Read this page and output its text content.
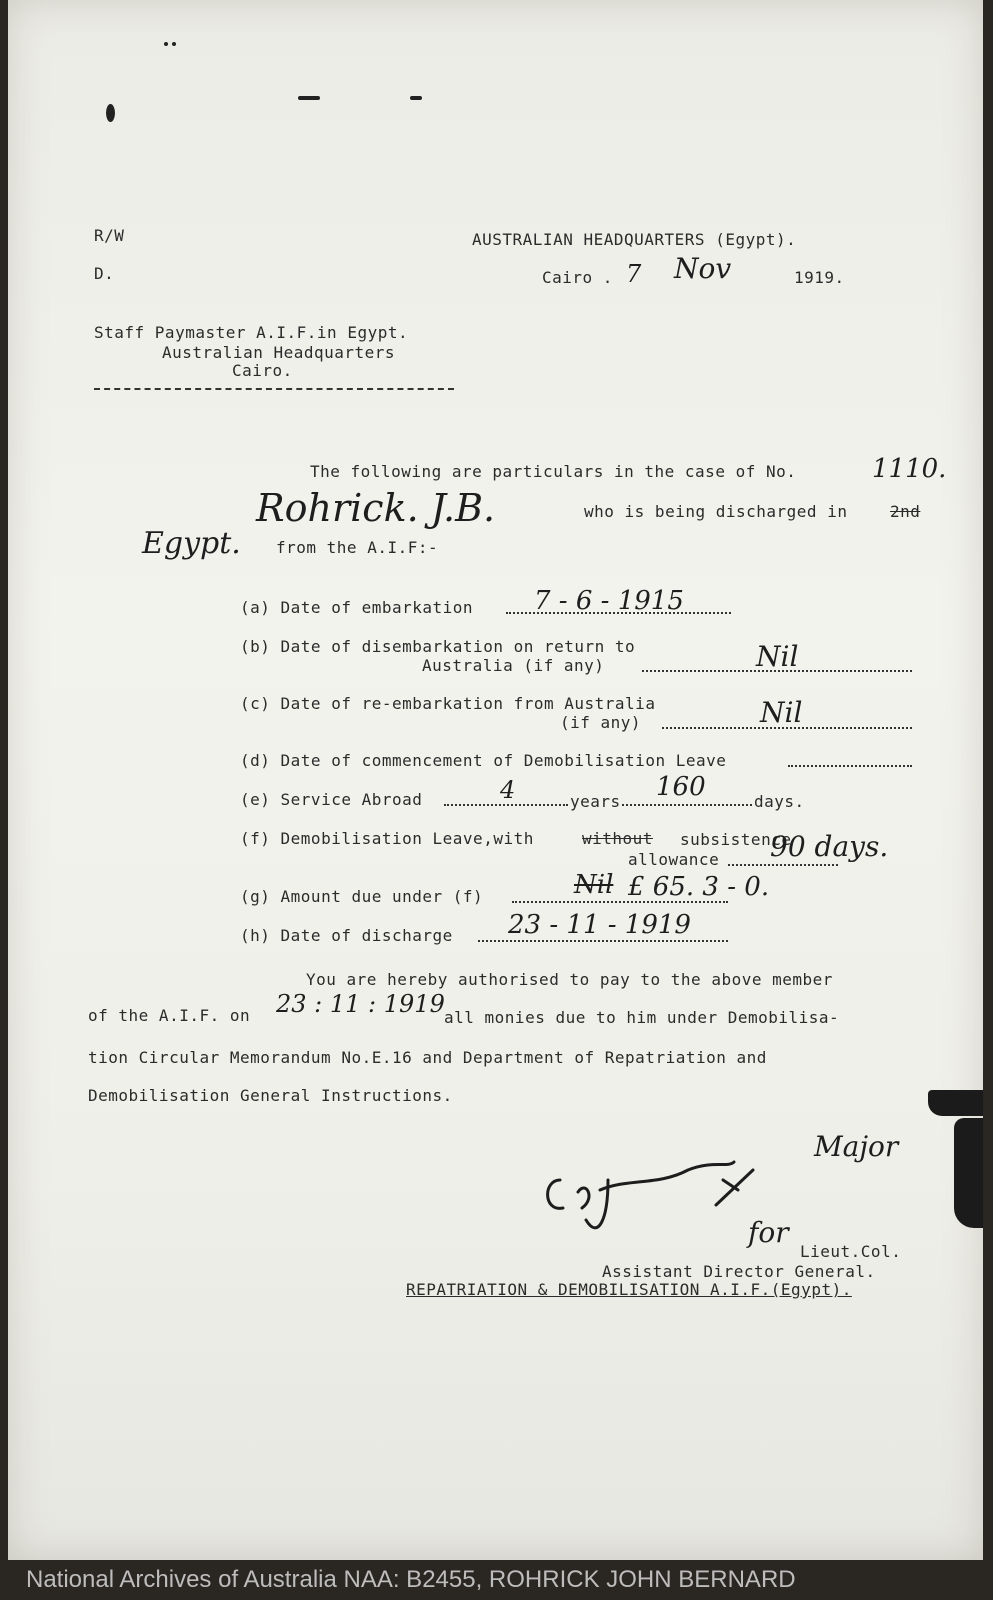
R/W
D.
AUSTRALIAN HEADQUARTERS (Egypt).
Cairo . 7 Nov	1919.
Staff Paymaster A.I.F.in Egypt.
Australian Headquarters
Cairo.
The following are particulars in the case of No.	1110.
Rohrick. J.B.	who is being discharged in	2nd
Egypt. from the A.I.F:-
(a) Date of embarkation 7 - 6 - 1915
(b) Date of disembarkation on return to
Australia (if any)	Nil
(c) Date of re-embarkation from Australia
(if any)	Nil
(d) Date of commencement of Demobilisation Leave
(e) Service Abroad	4	years 160	days.
(f) Demobilisation Leave,with	without subsistence
allowance 90 days.
(g) Amount due under (f)	Nil £ 65. 3 - 0.
(h) Date of discharge 23 - 11 - 1919
You are hereby authorised to pay to the above member
of the A.I.F. on 23 : 11 : 1919 all monies due to him under Demobilisa-
tion Circular Memorandum No.E.16 and Department of Repatriation and
Demobilisation General Instructions.
Major
for
Lieut.Col.
Assistant Director General.
REPATRIATION & DEMOBILISATION A.I.F.(Egypt).
National Archives of Australia NAA: B2455, ROHRICK JOHN BERNARD
